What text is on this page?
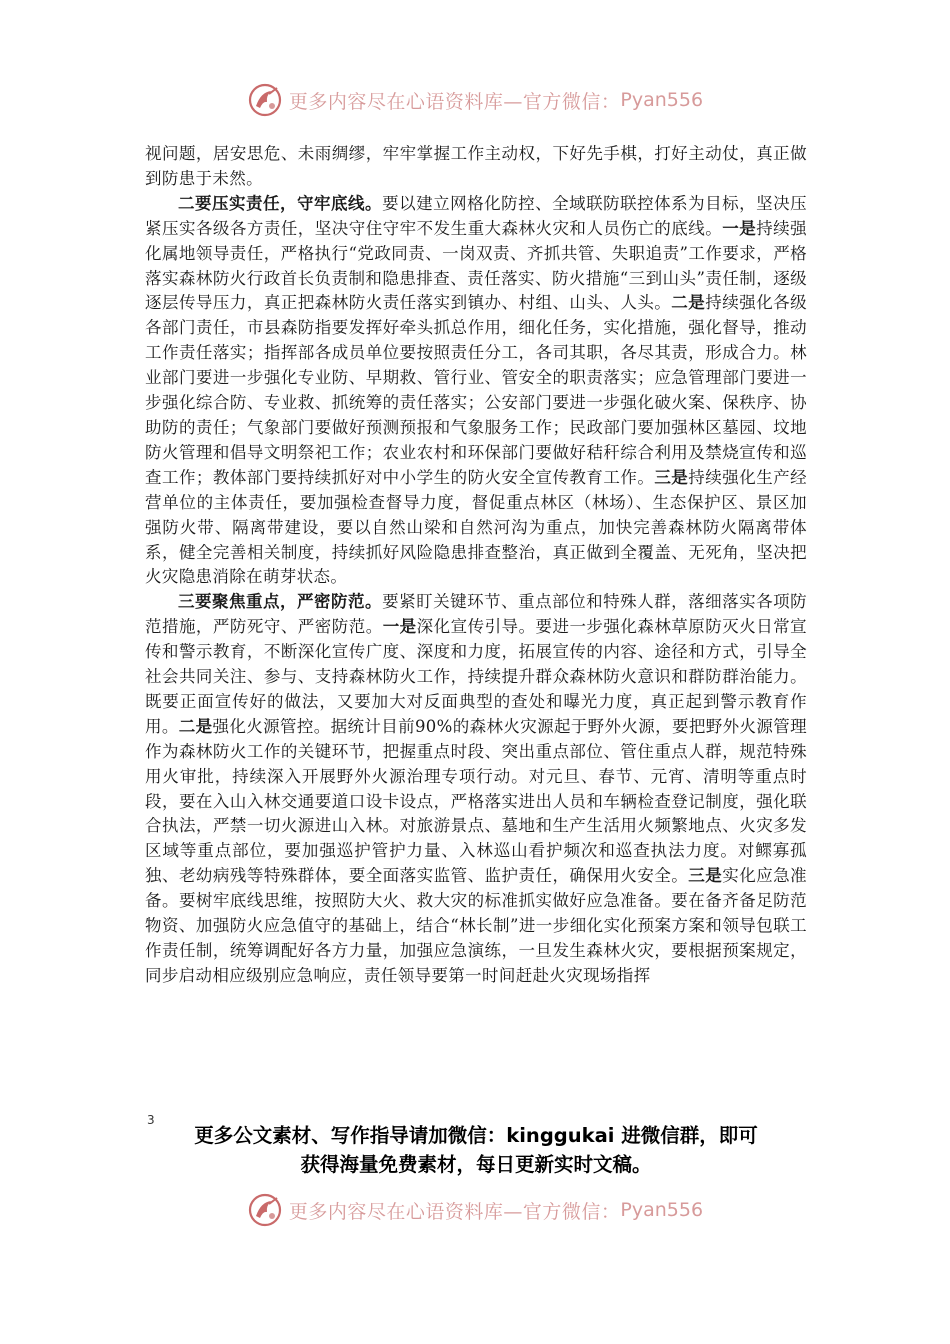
更多内容尽在心语资料库—官方微信： Pyan556

视问题，居安思危、未雨绸缪，牢牢掌握工作主动权，下好先手棋，打好主动仗，真正做到防患于未然。

二要压实责任，守牢底线。要以建立网格化防控、全域联防联控体系为目标，坚决压紧压实各级各方责任，坚决守住守牢不发生重大森林火灾和人员伤亡的底线。一是持续强化属地领导责任，严格执行“党政同责、一岗双责、齐抓共管、失职追责”工作要求，严格落实森林防火行政首长负责制和隐患排查、责任落实、防火措施“三到山头”责任制，逐级逐层传导压力，真正把森林防火责任落实到镇办、村组、山头、人头。二是持续强化各级各部门责任，市县森防指要发挥好牵头抓总作用，细化任务，实化措施，强化督导，推动工作责任落实；指挥部各成员单位要按照责任分工，各司其职，各尽其责，形成合力。林业部门要进一步强化专业防、早期救、管行业、管安全的职责落实；应急管理部门要进一步强化综合防、专业救、抓统筹的责任落实；公安部门要进一步强化破火案、保秩序、协助防的责任；气象部门要做好预测预报和气象服务工作；民政部门要加强林区墓园、坟地防火管理和倡导文明祭祀工作；农业农村和环保部门要做好秸秆综合利用及禁烧宣传和巡查工作；教体部门要持续抓好对中小学生的防火安全宣传教育工作。三是持续强化生产经营单位的主体责任，要加强检查督导力度，督促重点林区（林场）、生态保护区、景区加强防火带、隔离带建设，要以自然山梁和自然河沟为重点，加快完善森林防火隔离带体系，健全完善相关制度，持续抓好风险隐患排查整治，真正做到全覆盖、无死角，坚决把火灾隐患消除在萌芽状态。

三要聚焦重点，严密防范。要紧盯关键环节、重点部位和特殊人群，落细落实各项防范措施，严防死守、严密防范。一是深化宣传引导。要进一步强化森林草原防灭火日常宣传和警示教育，不断深化宣传广度、深度和力度，拓展宣传的内容、途径和方式，引导全社会共同关注、参与、支持森林防火工作，持续提升群众森林防火意识和群防群治能力。既要正面宣传好的做法，又要加大对反面典型的查处和曝光力度，真正起到警示教育作用。二是强化火源管控。据统计目前90%的森林火灾源起于野外火源，要把野外火源管理作为森林防火工作的关键环节，把握重点时段、突出重点部位、管住重点人群，规范特殊用火审批，持续深入开展野外火源治理专项行动。对元旦、春节、元宵、清明等重点时段，要在入山入林交通要道口设卡设点，严格落实进出人员和车辆检查登记制度，强化联合执法，严禁一切火源进山入林。对旅游景点、墓地和生产生活用火频繁地点、火灾多发区域等重点部位，要加强巡护管护力量、入林巡山看护频次和巡查执法力度。对鳏寡孤独、老幼病残等特殊群体，要全面落实监管、监护责任，确保用火安全。三是实化应急准备。要树牢底线思维，按照防大火、救大灾的标准抓实做好应急准备。要在备齐备足防范物资、加强防火应急值守的基础上，结合“林长制”进一步细化实化预案方案和领导包联工作责任制，统筹调配好各方力量，加强应急演练，一旦发生森林火灾，要根据预案规定，同步启动相应级别应急响应，责任领导要第一时间赶赴火灾现场指挥

3
更多公文素材、写作指导请加微信：kinggukai 进微信群，即可
获得海量免费素材，每日更新实时文稿。
更多内容尽在心语资料库—官方微信： Pyan556
